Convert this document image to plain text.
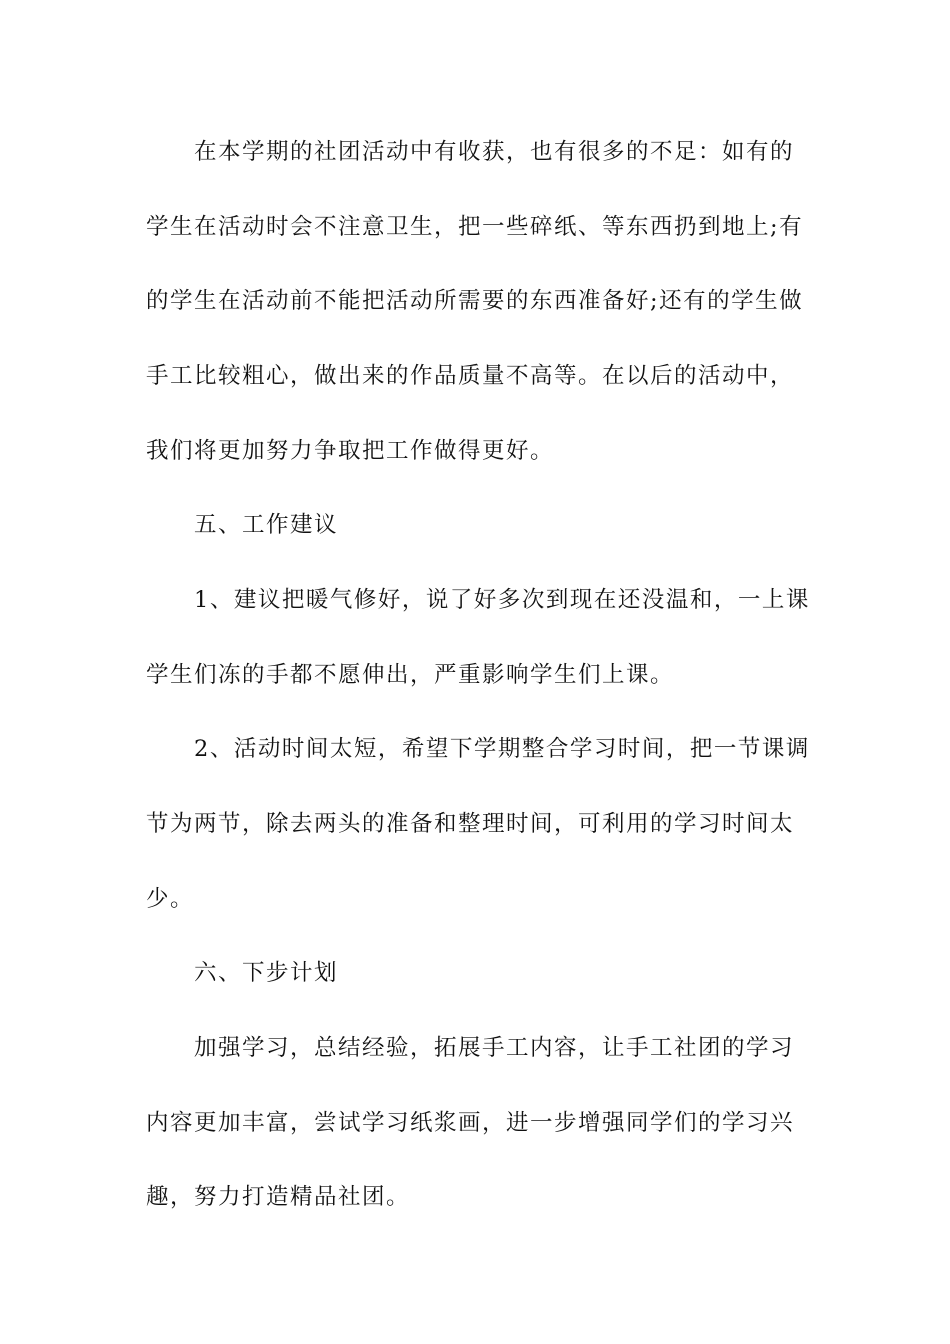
在本学期的社团活动中有收获，也有很多的不足：如有的
学生在活动时会不注意卫生，把一些碎纸、等东西扔到地上;有
的学生在活动前不能把活动所需要的东西准备好;还有的学生做
手工比较粗心，做出来的作品质量不高等。在以后的活动中，
我们将更加努力争取把工作做得更好。
五、工作建议
1、建议把暖气修好，说了好多次到现在还没温和，一上课
学生们冻的手都不愿伸出，严重影响学生们上课。
2、活动时间太短，希望下学期整合学习时间，把一节课调
节为两节，除去两头的准备和整理时间，可利用的学习时间太
少。
六、下步计划
加强学习，总结经验，拓展手工内容，让手工社团的学习
内容更加丰富，尝试学习纸浆画，进一步增强同学们的学习兴
趣，努力打造精品社团。
